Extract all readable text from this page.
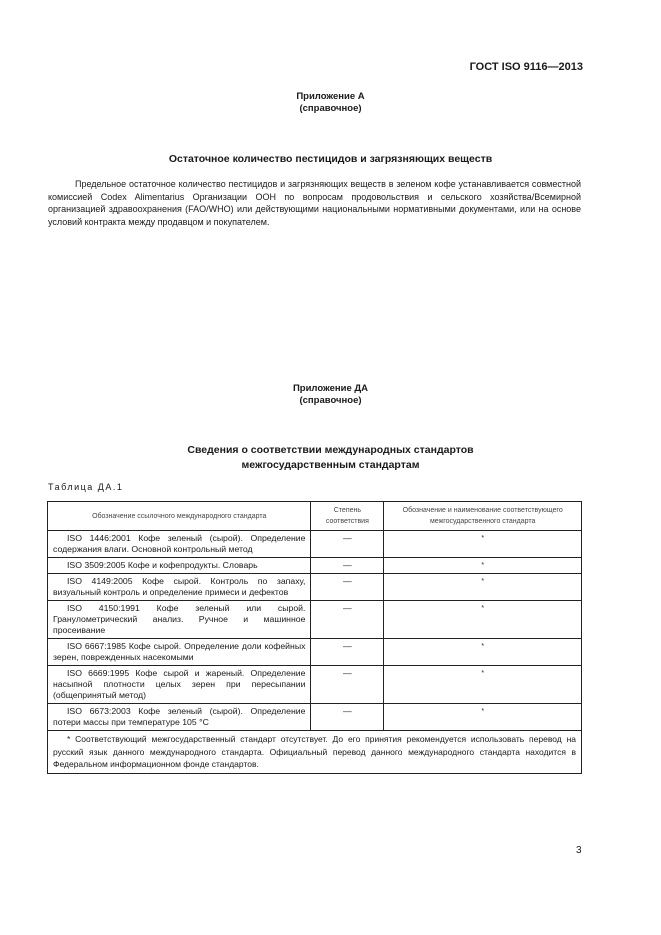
ГОСТ ISO 9116—2013
Приложение А
(справочное)
Остаточное количество пестицидов и загрязняющих веществ

Предельное остаточное количество пестицидов и загрязняющих веществ в зеленом кофе устанавливается совместной комиссией Codex Alimentarius Организации ООН по вопросам продовольствия и сельского хозяйства/Всемирной организацией здравоохранения (FAO/WHO) или действующими национальными нормативными документами, или на основе условий контракта между продавцом и покупателем.

Приложение ДА
(справочное)
Сведения о соответствии международных стандартов
межгосударственным стандартам
Таблица ДА.1
Обозначение ссылочного международного стандарта	Степень соответствия	Обозначение и наименование соответствующего межгосударственного стандарта
ISO 1446:2001 Кофе зеленый (сырой). Определение содержания влаги. Основной контрольный метод	—	*
ISO 3509:2005 Кофе и кофепродукты. Словарь	—	*
ISO 4149:2005 Кофе сырой. Контроль по запаху, визуальный контроль и определение примеси и дефектов	—	*
ISO 4150:1991 Кофе зеленый или сырой. Гранулометрический анализ. Ручное и машинное просеивание	—	*
ISO 6667:1985 Кофе сырой. Определение доли кофейных зерен, поврежденных насекомыми	—	*
ISO 6669:1995 Кофе сырой и жареный. Определение насыпной плотности целых зерен при пересыпании (общепринятый метод)	—	*
ISO 6673:2003 Кофе зеленый (сырой). Определение потери массы при температуре 105 °С	—	*
* Соответствующий межгосударственный стандарт отсутствует. До его принятия рекомендуется использовать перевод на русский язык данного международного стандарта. Официальный перевод данного международного стандарта находится в Федеральном информационном фонде стандартов.		
3
